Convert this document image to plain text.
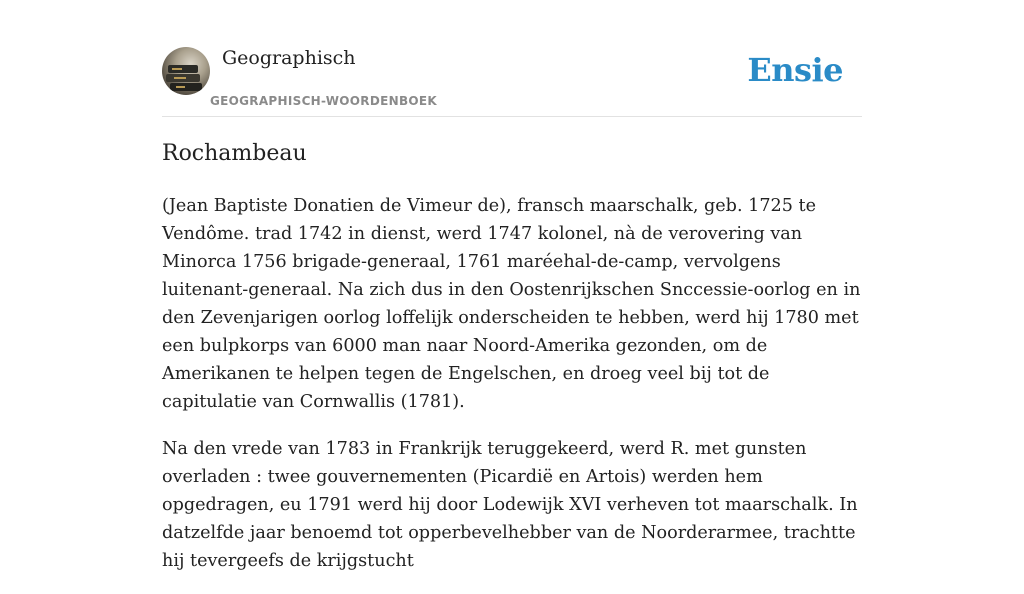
Geographisch
GEOGRAPHISCH-WOORDENBOEK
Ensie
Rochambeau

(Jean Baptiste Donatien de Vimeur de), fransch maarschalk, geb. 1725 te Vendôme. trad 1742 in dienst, werd 1747 kolonel, nà de verovering van Minorca 1756 brigade-generaal, 1761 maréehal-de-camp, vervolgens luitenant-generaal. Na zich dus in den Oostenrijkschen Snccessie-oorlog en in den Zevenjarigen oorlog loffelijk onderscheiden te hebben, werd hij 1780 met een bulpkorps van 6000 man naar Noord-Amerika gezonden, om de Amerikanen te helpen tegen de Engelschen, en droeg veel bij tot de capitulatie van Cornwallis (1781).

Na den vrede van 1783 in Frankrijk teruggekeerd, werd R. met gunsten overladen : twee gouvernementen (Picardië en Artois) werden hem opgedragen, eu 1791 werd hij door Lodewijk XVI verheven tot maarschalk. In datzelfde jaar benoemd tot opperbevelhebber van de Noorderarmee, trachtte hij tevergeefs de krijgstucht
